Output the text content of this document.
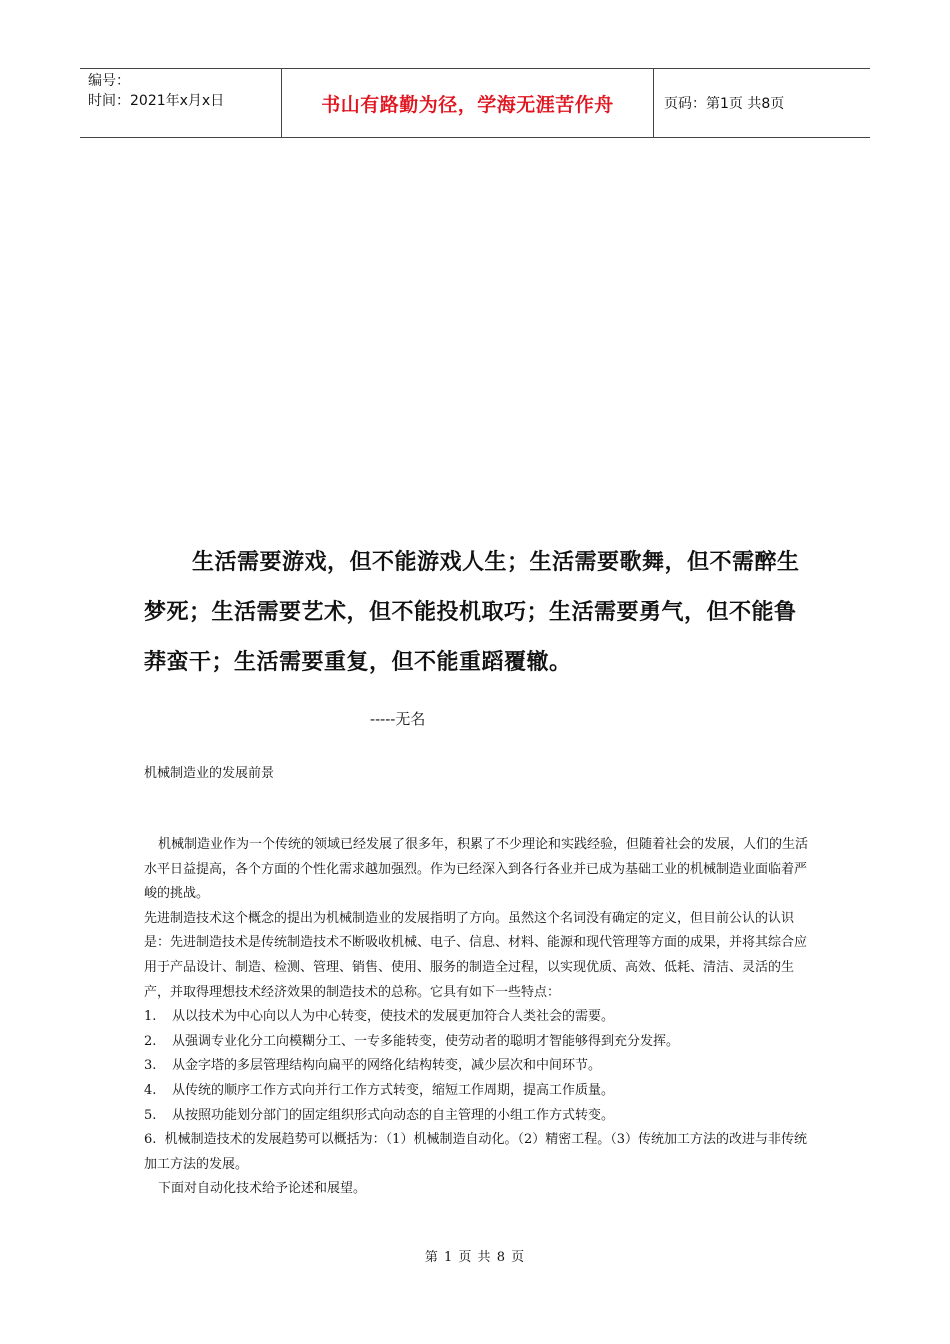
编号：
时间：2021年x月x日	书山有路勤为径，学海无涯苦作舟	页码：第1页 共8页
生活需要游戏，但不能游戏人生；生活需要歌舞，但不需醉生梦死；生活需要艺术，但不能投机取巧；生活需要勇气，但不能鲁莽蛮干；生活需要重复，但不能重蹈覆辙。
-----无名
机械制造业的发展前景

机械制造业作为一个传统的领域已经发展了很多年，积累了不少理论和实践经验，但随着社会的发展，人们的生活水平日益提高，各个方面的个性化需求越加强烈。作为已经深入到各行各业并已成为基础工业的机械制造业面临着严峻的挑战。

先进制造技术这个概念的提出为机械制造业的发展指明了方向。虽然这个名词没有确定的定义，但目前公认的认识是：先进制造技术是传统制造技术不断吸收机械、电子、信息、材料、能源和现代管理等方面的成果，并将其综合应用于产品设计、制造、检测、管理、销售、使用、服务的制造全过程，以实现优质、高效、低耗、清洁、灵活的生产，并取得理想技术经济效果的制造技术的总称。它具有如下一些特点：

1.	从以技术为中心向以人为中心转变，使技术的发展更加符合人类社会的需要。
2.	从强调专业化分工向模糊分工、一专多能转变，使劳动者的聪明才智能够得到充分发挥。
3.	从金字塔的多层管理结构向扁平的网络化结构转变，减少层次和中间环节。
4.	从传统的顺序工作方式向并行工作方式转变，缩短工作周期，提高工作质量。
5.	从按照功能划分部门的固定组织形式向动态的自主管理的小组工作方式转变。

6. 机械制造技术的发展趋势可以概括为：（1）机械制造自动化。（2）精密工程。（3）传统加工方法的改进与非传统加工方法的发展。

下面对自动化技术给予论述和展望。

第 1 页 共 8 页
